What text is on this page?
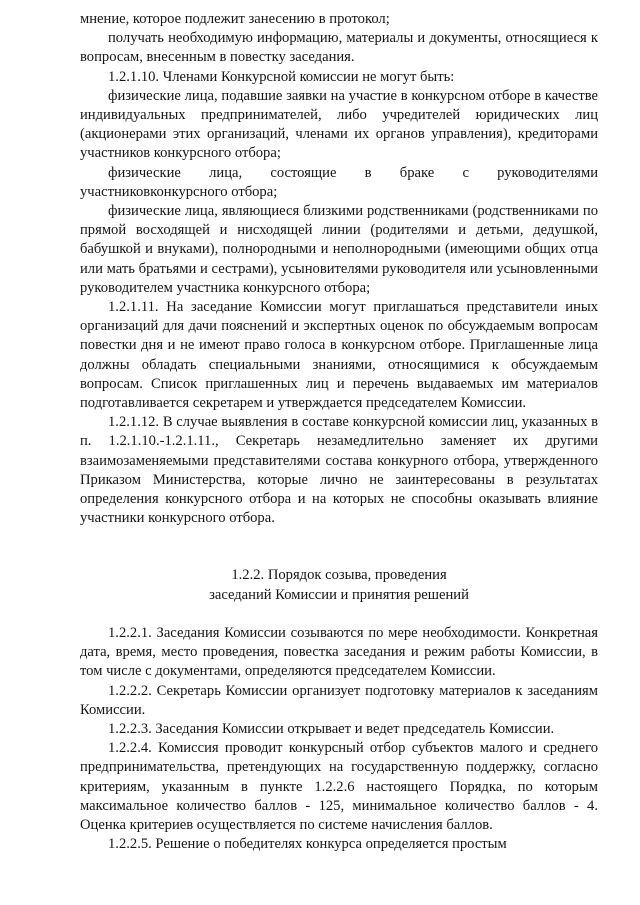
мнение, которое подлежит занесению в протокол;

получать необходимую информацию, материалы и документы, относящиеся к вопросам, внесенным в повестку заседания.

1.2.1.10. Членами Конкурсной комиссии не могут быть:

физические лица, подавшие заявки на участие в конкурсном отборе в качестве индивидуальных предпринимателей, либо учредителей юридических лиц (акционерами этих организаций, членами их органов управления), кредиторами участников конкурсного отбора;

физические лица, состоящие в браке с руководителями участниковконкурсного отбора;

физические лица, являющиеся близкими родственниками (родственниками по прямой восходящей и нисходящей линии (родителями и детьми, дедушкой, бабушкой и внуками), полнородными и неполнородными (имеющими общих отца или мать братьями и сестрами), усыновителями руководителя или усыновленными руководителем участника конкурсного отбора;

1.2.1.11. На заседание Комиссии могут приглашаться представители иных организаций для дачи пояснений и экспертных оценок по обсуждаемым вопросам повестки дня и не имеют право голоса в конкурсном отборе. Приглашенные лица должны обладать специальными знаниями, относящимися к обсуждаемым вопросам. Список приглашенных лиц и перечень выдаваемых им материалов подготавливается секретарем и утверждается председателем Комиссии.

1.2.1.12. В случае выявления в составе конкурсной комиссии лиц, указанных в п. 1.2.1.10.-1.2.1.11., Секретарь незамедлительно заменяет их другими взаимозаменяемыми представителями состава конкурного отбора, утвержденного Приказом Министерства, которые лично не заинтересованы в результатах определения конкурсного отбора и на которых не способны оказывать влияние участники конкурсного отбора.

1.2.2. Порядок созыва, проведения

заседаний Комиссии и принятия решений

1.2.2.1. Заседания Комиссии созываются по мере необходимости. Конкретная дата, время, место проведения, повестка заседания и режим работы Комиссии, в том числе с документами, определяются председателем Комиссии.

1.2.2.2. Секретарь Комиссии организует подготовку материалов к заседаниям Комиссии.

1.2.2.3. Заседания Комиссии открывает и ведет председатель Комиссии.

1.2.2.4. Комиссия проводит конкурсный отбор субъектов малого и среднего предпринимательства, претендующих на государственную поддержку, согласно критериям, указанным в пункте 1.2.2.6 настоящего Порядка, по которым максимальное количество баллов - 125, минимальное количество баллов - 4. Оценка критериев осуществляется по системе начисления баллов.

1.2.2.5. Решение о победителях конкурса определяется простым
